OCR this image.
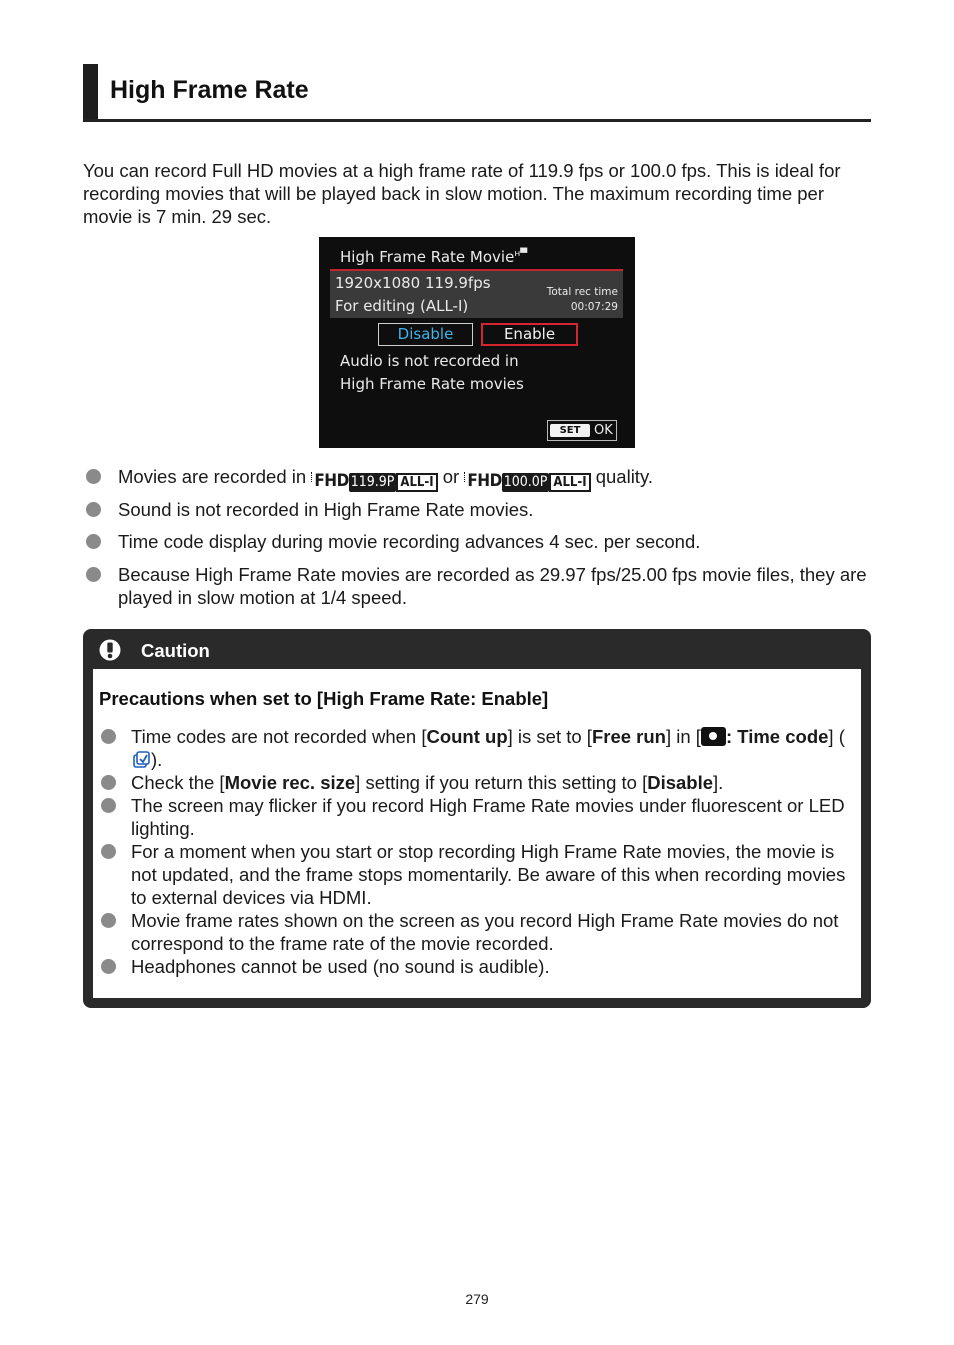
High Frame Rate
You can record Full HD movies at a high frame rate of 119.9 fps or 100.0 fps. This is ideal for recording movies that will be played back in slow motion. The maximum recording time per movie is 7 min. 29 sec.
High Frame Rate Movie$^{ʜ▀}$
1920x1080 119.9fps
For editing (ALL-I)
Total rec time
00:07:29
Disable	Enable
Audio is not recorded in
High Frame Rate movies
SET	OK
Movies are recorded in FHD 119.9P ALL-I or FHD 100.0P ALL-I quality.
Sound is not recorded in High Frame Rate movies.
Time code display during movie recording advances 4 sec. per second.
Because High Frame Rate movies are recorded as 29.97 fps/25.00 fps movie files, they are played in slow motion at 1/4 speed.
Caution
Precautions when set to [High Frame Rate: Enable]
Time codes are not recorded when [Count up] is set to [Free run] in [ : Time code] ().
Check the [Movie rec. size] setting if you return this setting to [Disable].
The screen may flicker if you record High Frame Rate movies under fluorescent or LED lighting.
For a moment when you start or stop recording High Frame Rate movies, the movie is not updated, and the frame stops momentarily. Be aware of this when recording movies to external devices via HDMI.
Movie frame rates shown on the screen as you record High Frame Rate movies do not correspond to the frame rate of the movie recorded.
Headphones cannot be used (no sound is audible).
279
